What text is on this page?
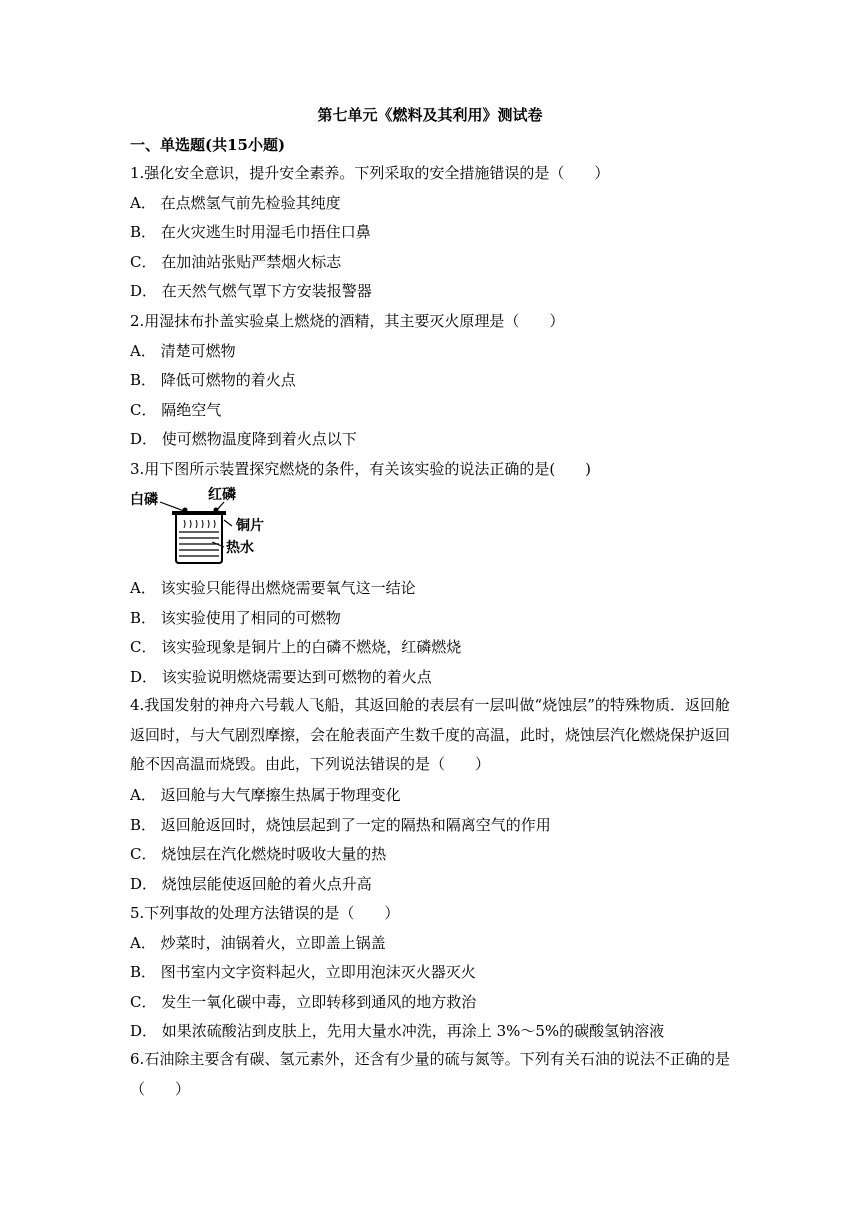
第七单元《燃料及其利用》测试卷
一、单选题(共15小题)
1.强化安全意识，提升安全素养。下列采取的安全措施错误的是（　　）
A． 在点燃氢气前先检验其纯度
B． 在火灾逃生时用湿毛巾捂住口鼻
C． 在加油站张贴严禁烟火标志
D． 在天然气燃气罩下方安装报警器
2.用湿抹布扑盖实验桌上燃烧的酒精，其主要灭火原理是（　　）
A． 清楚可燃物
B． 降低可燃物的着火点
C． 隔绝空气
D． 使可燃物温度降到着火点以下
3.用下图所示装置探究燃烧的条件，有关该实验的说法正确的是(　　)
白磷	红磷
铜片
热水
A． 该实验只能得出燃烧需要氧气这一结论
B． 该实验使用了相同的可燃物
C． 该实验现象是铜片上的白磷不燃烧，红磷燃烧
D． 该实验说明燃烧需要达到可燃物的着火点
4.我国发射的神舟六号载人飞船，其返回舱的表层有一层叫做“烧蚀层”的特殊物质．返回舱返回时，与大气剧烈摩擦，会在舱表面产生数千度的高温，此时，烧蚀层汽化燃烧保护返回舱不因高温而烧毁。由此，下列说法错误的是（　　）
A． 返回舱与大气摩擦生热属于物理变化
B． 返回舱返回时，烧蚀层起到了一定的隔热和隔离空气的作用
C． 烧蚀层在汽化燃烧时吸收大量的热
D． 烧蚀层能使返回舱的着火点升高
5.下列事故的处理方法错误的是（　　）
A． 炒菜时，油锅着火，立即盖上锅盖
B． 图书室内文字资料起火，立即用泡沫灭火器灭火
C． 发生一氧化碳中毒，立即转移到通风的地方救治
D． 如果浓硫酸沾到皮肤上，先用大量水冲洗，再涂上 3%～5%的碳酸氢钠溶液
6.石油除主要含有碳、氢元素外，还含有少量的硫与氮等。下列有关石油的说法不正确的是（　　）
